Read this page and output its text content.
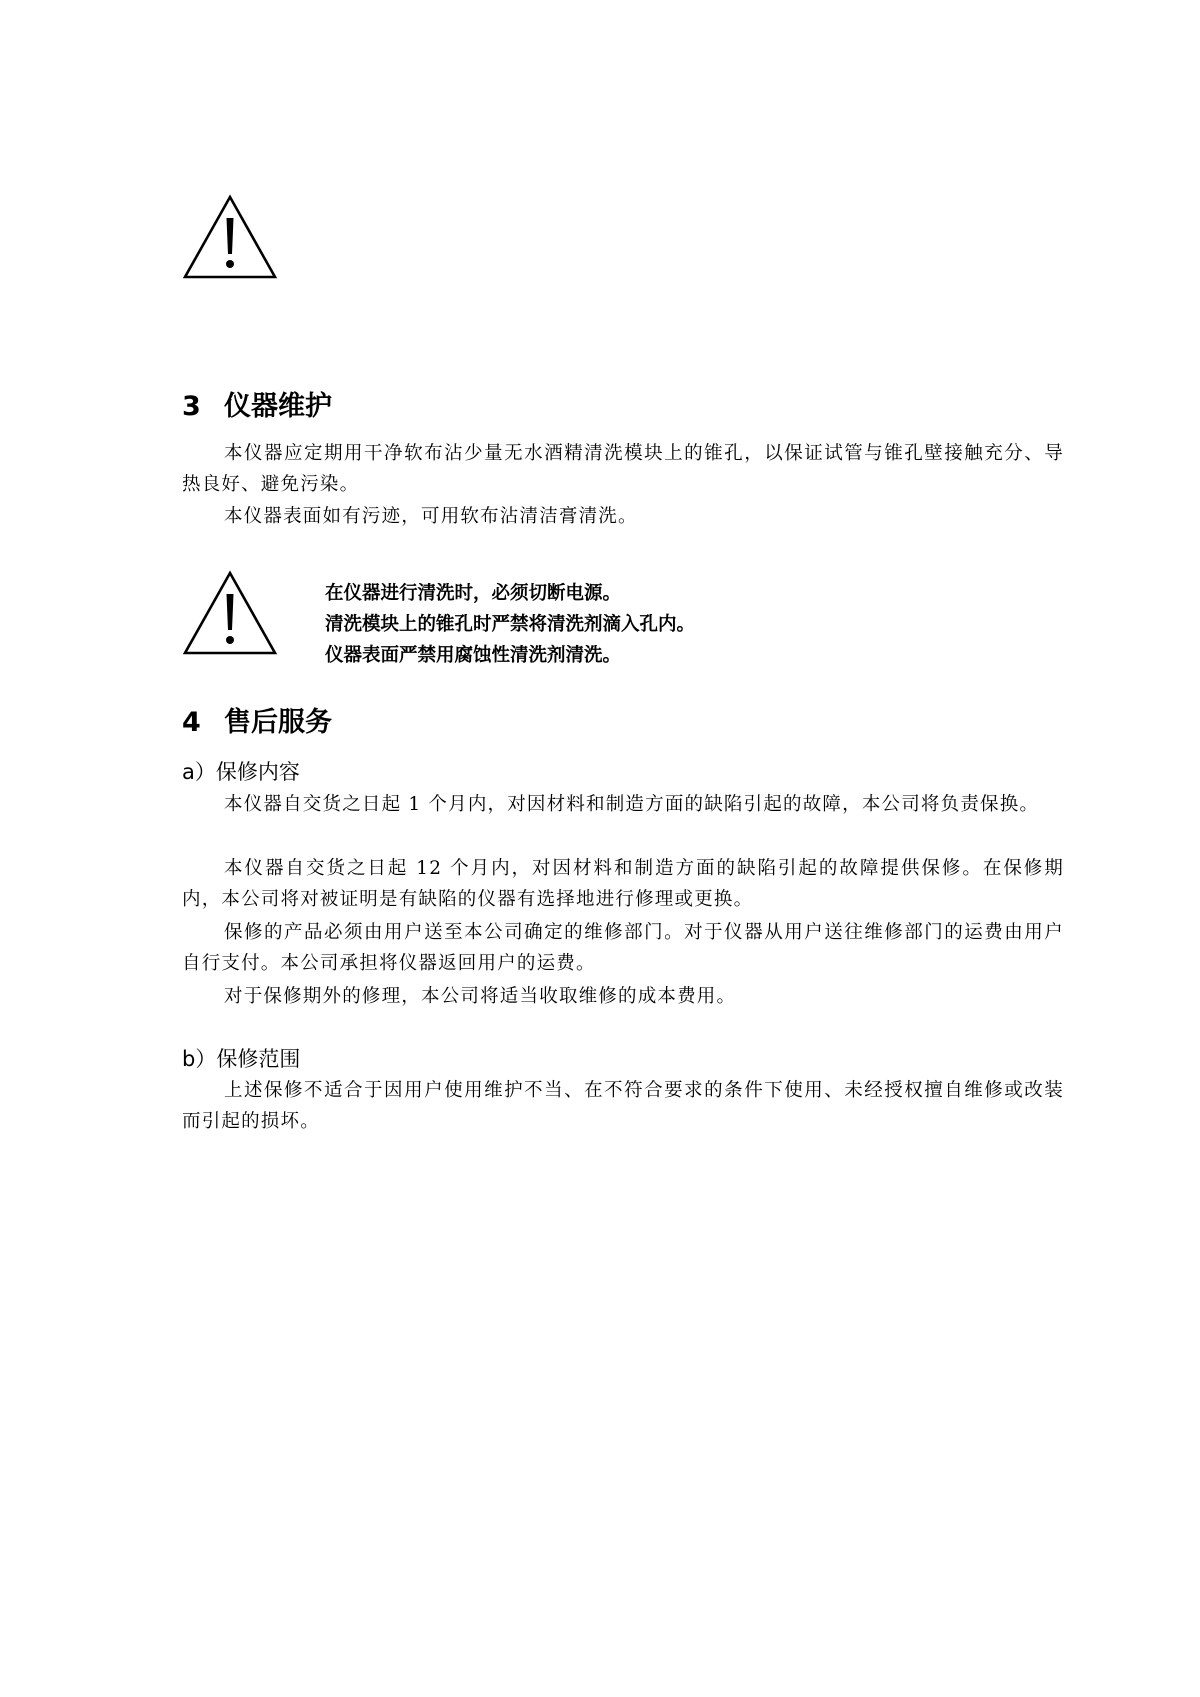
3 仪器维护

本仪器应定期用干净软布沾少量无水酒精清洗模块上的锥孔，以保证试管与锥孔壁接触充分、导热良好、避免污染。

本仪器表面如有污迹，可用软布沾清洁膏清洗。

在仪器进行清洗时，必须切断电源。
清洗模块上的锥孔时严禁将清洗剂滴入孔内。
仪器表面严禁用腐蚀性清洗剂清洗。
4 售后服务
a）保修内容

本仪器自交货之日起 1 个月内，对因材料和制造方面的缺陷引起的故障，本公司将负责保换。

本仪器自交货之日起 12 个月内，对因材料和制造方面的缺陷引起的故障提供保修。在保修期内，本公司将对被证明是有缺陷的仪器有选择地进行修理或更换。

保修的产品必须由用户送至本公司确定的维修部门。对于仪器从用户送往维修部门的运费由用户自行支付。本公司承担将仪器返回用户的运费。

对于保修期外的修理，本公司将适当收取维修的成本费用。

b）保修范围

上述保修不适合于因用户使用维护不当、在不符合要求的条件下使用、未经授权擅自维修或改装而引起的损坏。
